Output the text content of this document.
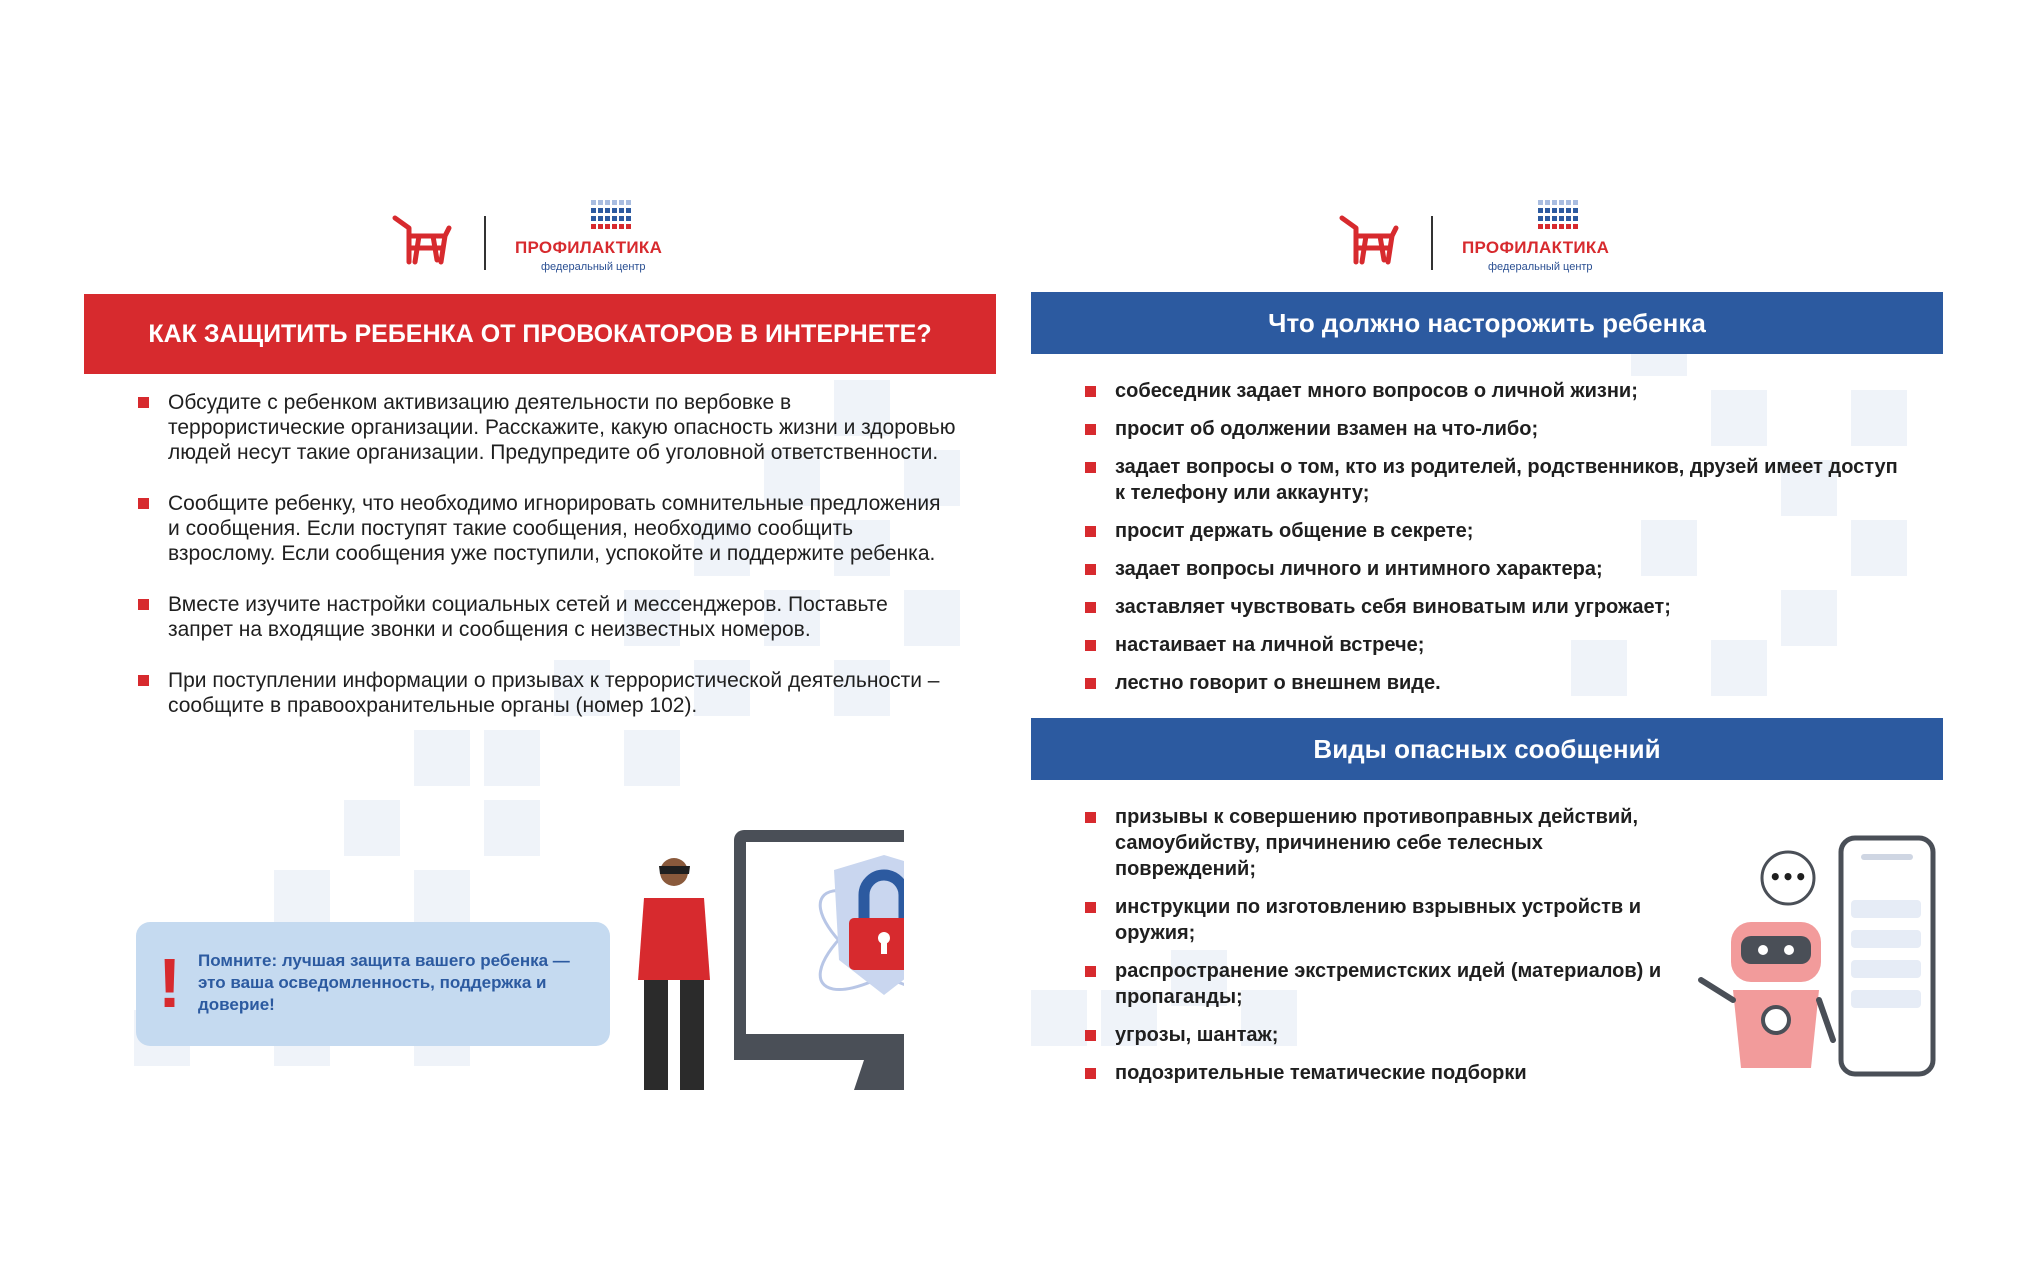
ПРОФИЛАКТИКА
федеральный центр
КАК ЗАЩИТИТЬ РЕБЕНКА ОТ ПРОВОКАТОРОВ В ИНТЕРНЕТЕ?
Обсудите с ребенком активизацию деятельности по вербовке в террористические организации. Расскажите, какую опасность жизни и здоровью людей несут такие организации. Предупредите об уголовной ответственности.
Сообщите ребенку, что необходимо игнорировать сомнительные предложения и сообщения. Если поступят такие сообщения, необходимо сообщить взрослому. Если сообщения уже поступили, успокойте и поддержите ребенка.
Вместе изучите настройки социальных сетей и мессенджеров. Поставьте запрет на входящие звонки и сообщения с неизвестных номеров.
При поступлении информации о призывах к террористической деятельности – сообщите в правоохранительные органы (номер 102).
! Помните: лучшая защита вашего ребенка — это ваша осведомленность, поддержка и доверие!
ПРОФИЛАКТИКА
федеральный центр
Что должно насторожить ребенка
собеседник задает много вопросов о личной жизни;
просит об одолжении взамен на что-либо;
задает вопросы о том, кто из родителей, родственников, друзей имеет доступ к телефону или аккаунту;
просит держать общение в секрете;
задает вопросы личного и интимного характера;
заставляет чувствовать себя виноватым или угрожает;
настаивает на личной встрече;
лестно говорит о внешнем виде.
Виды опасных сообщений
призывы к совершению противоправных действий, самоубийству, причинению себе телесных повреждений;
инструкции по изготовлению взрывных устройств и оружия;
распространение экстремистских идей (материалов) и пропаганды;
угрозы, шантаж;
подозрительные тематические подборки
•••
